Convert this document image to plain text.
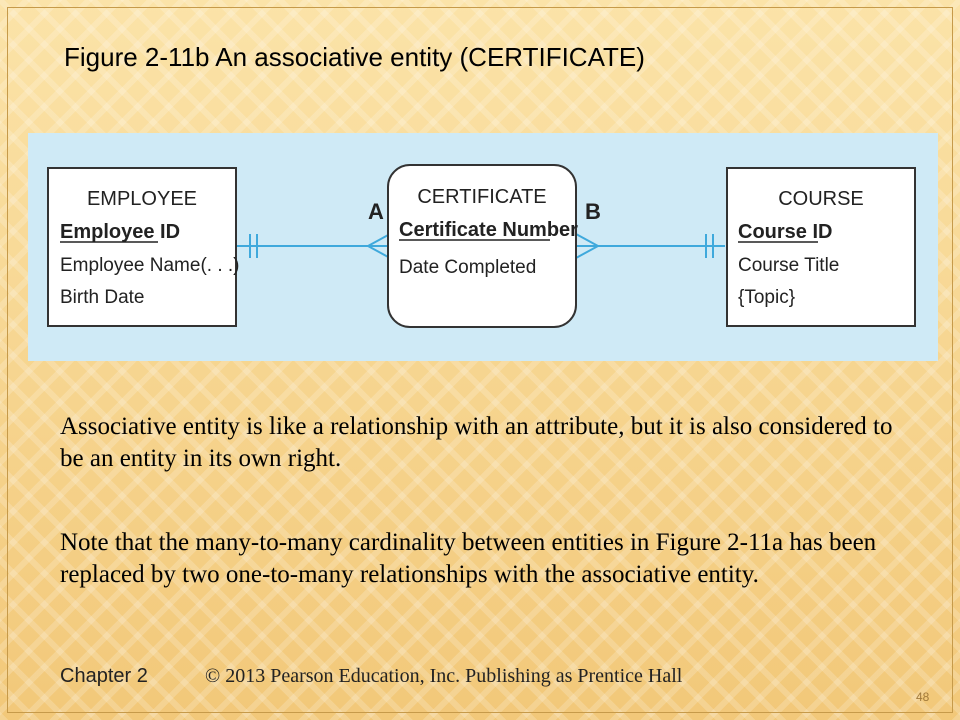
Figure 2-11b An associative entity (CERTIFICATE)
EMPLOYEE
Employee ID
Employee Name(. . .)
Birth Date
CERTIFICATE
Certificate Number
Date Completed
COURSE
Course ID
Course Title
{Topic}
A	B
Associative entity is like a relationship with an attribute, but it is also considered to be an entity in its own right.
Note that the many-to-many cardinality between entities in Figure 2-11a has been replaced by two one-to-many relationships with the associative entity.
Chapter 2	© 2013 Pearson Education, Inc. Publishing as Prentice Hall
48
